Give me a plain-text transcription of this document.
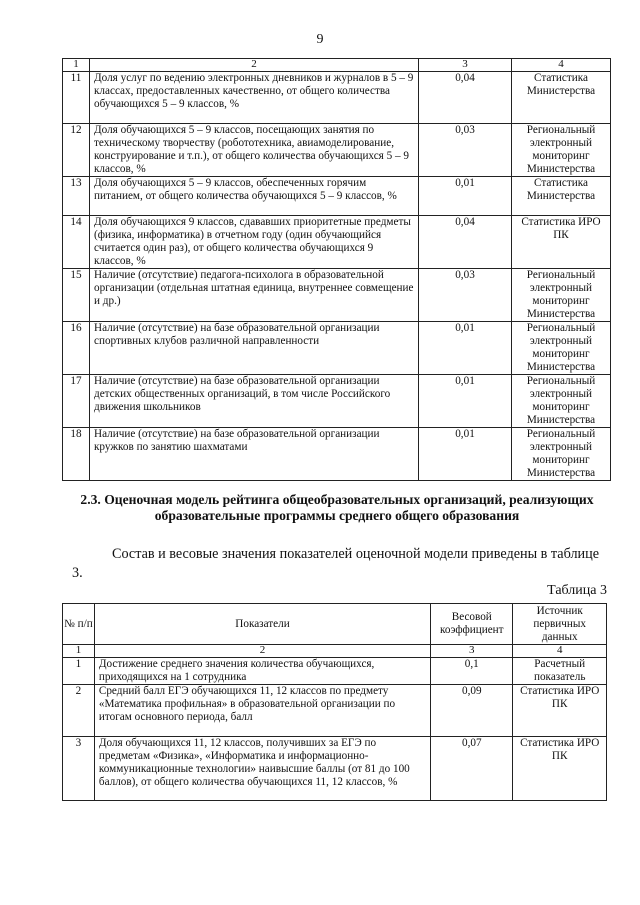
9
1	2	3	4
11	Доля услуг по ведению электронных дневников и журналов в 5 – 9 классах, предоставленных качественно, от общего количества обучающихся 5 – 9 классов, %	0,04	Статистика Министерства
12	Доля обучающихся 5 – 9 классов, посещающих занятия по техническому творчеству (робототехника, авиамоделирование, конструирование и т.п.), от общего количества обучающихся 5 – 9 классов, %	0,03	Региональный электронный мониторинг Министерства
13	Доля обучающихся 5 – 9 классов, обеспеченных горячим питанием, от общего количества обучающихся 5 – 9 классов, %	0,01	Статистика Министерства
14	Доля обучающихся 9 классов, сдававших приоритетные предметы (физика, информатика) в отчетном году (один обучающийся считается один раз), от общего количества обучающихся 9 классов, %	0,04	Статистика ИРО ПК
15	Наличие (отсутствие) педагога-психолога в образовательной организации (отдельная штатная единица, внутреннее совмещение и др.)	0,03	Региональный электронный мониторинг Министерства
16	Наличие (отсутствие) на базе образовательной организации спортивных клубов различной направленности	0,01	Региональный электронный мониторинг Министерства
17	Наличие (отсутствие) на базе образовательной организации детских общественных организаций, в том числе Российского движения школьников	0,01	Региональный электронный мониторинг Министерства
18	Наличие (отсутствие) на базе образовательной организации кружков по занятию шахматами	0,01	Региональный электронный мониторинг Министерства
2.3. Оценочная модель рейтинга общеобразовательных организаций, реализующих образовательные программы среднего общего образования
Состав и весовые значения показателей оценочной модели приведены в таблице 3.
Таблица 3
№ п/п	Показатели	Весовой коэффициент	Источник первичных данных
1	2	3	4
1	Достижение среднего значения количества обучающихся, приходящихся на 1 сотрудника	0,1	Расчетный показатель
2	Средний балл ЕГЭ обучающихся 11, 12 классов по предмету «Математика профильная» в образовательной организации по итогам основного периода, балл	0,09	Статистика ИРО ПК
3	Доля обучающихся 11, 12 классов, получивших за ЕГЭ по предметам «Физика», «Информатика и информационно-коммуникационные технологии» наивысшие баллы (от 81 до 100 баллов), от общего количества обучающихся 11, 12 классов, %	0,07	Статистика ИРО ПК
